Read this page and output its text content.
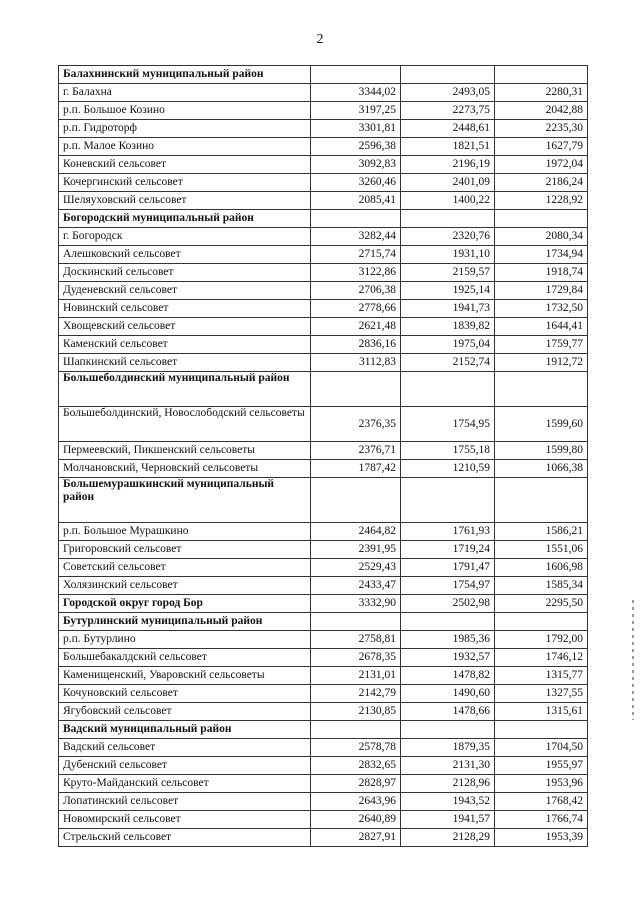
2
Балахнинский муниципальный район			
г. Балахна	3344,02	2493,05	2280,31
р.п. Большое Козино	3197,25	2273,75	2042,88
р.п. Гидроторф	3301,81	2448,61	2235,30
р.п. Малое Козино	2596,38	1821,51	1627,79
Коневский сельсовет	3092,83	2196,19	1972,04
Кочергинский сельсовет	3260,46	2401,09	2186,24
Шеляуховский сельсовет	2085,41	1400,22	1228,92
Богородский муниципальный район			
г. Богородск	3282,44	2320,76	2080,34
Алешковский сельсовет	2715,74	1931,10	1734,94
Доскинский сельсовет	3122,86	2159,57	1918,74
Дуденевский сельсовет	2706,38	1925,14	1729,84
Новинский сельсовет	2778,66	1941,73	1732,50
Хвощевский сельсовет	2621,48	1839,82	1644,41
Каменский сельсовет	2836,16	1975,04	1759,77
Шапкинский сельсовет	3112,83	2152,74	1912,72
Большеболдинский муниципальный район			
Большеболдинский, Новослободский сельсоветы	2376,35	1754,95	1599,60
Пермеевский, Пикшенский сельсоветы	2376,71	1755,18	1599,80
Молчановский, Черновский сельсоветы	1787,42	1210,59	1066,38
Большемурашкинский муниципальный район			
р.п. Большое Мурашкино	2464,82	1761,93	1586,21
Григоровский сельсовет	2391,95	1719,24	1551,06
Советский сельсовет	2529,43	1791,47	1606,98
Холязинский сельсовет	2433,47	1754,97	1585,34
Городской округ город Бор	3332,90	2502,98	2295,50
Бутурлинский муниципальный район			
р.п. Бутурлино	2758,81	1985,36	1792,00
Большебакалдский сельсовет	2678,35	1932,57	1746,12
Каменищенский, Уваровский сельсоветы	2131,01	1478,82	1315,77
Кочуновский сельсовет	2142,79	1490,60	1327,55
Ягубовский сельсовет	2130,85	1478,66	1315,61
Вадский муниципальный район			
Вадский сельсовет	2578,78	1879,35	1704,50
Дубенский сельсовет	2832,65	2131,30	1955,97
Круто-Майданский сельсовет	2828,97	2128,96	1953,96
Лопатинский сельсовет	2643,96	1943,52	1768,42
Новомирский сельсовет	2640,89	1941,57	1766,74
Стрельский сельсовет	2827,91	2128,29	1953,39
